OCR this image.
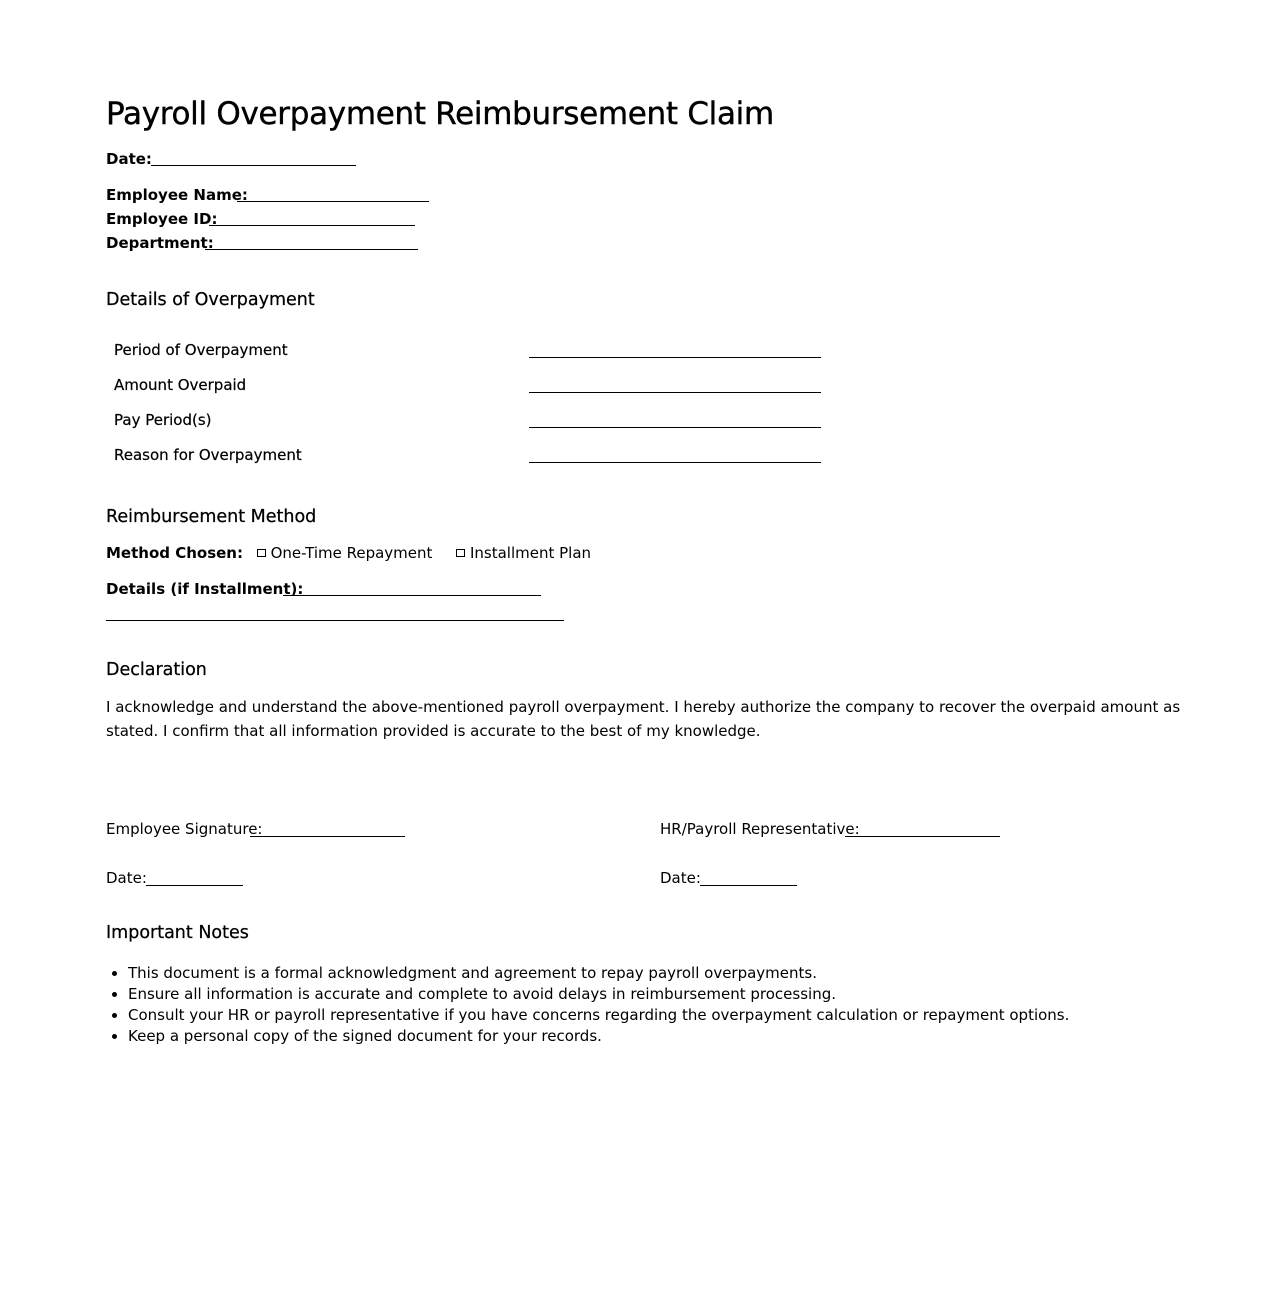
Payroll Overpayment Reimbursement Claim
Date:
Employee Name:
Employee ID:
Department:
Details of Overpayment
Period of Overpayment
Amount Overpaid
Pay Period(s)
Reason for Overpayment
Reimbursement Method
Method Chosen: One-Time Repayment	Installment Plan
Details (if Installment):
Declaration
I acknowledge and understand the above-mentioned payroll overpayment. I hereby authorize the company to recover the overpaid amount as stated. I confirm that all information provided is accurate to the best of my knowledge.
Employee Signature:	HR/Payroll Representative:
Date:	Date:
Important Notes
• This document is a formal acknowledgment and agreement to repay payroll overpayments.
• Ensure all information is accurate and complete to avoid delays in reimbursement processing.
• Consult your HR or payroll representative if you have concerns regarding the overpayment calculation or repayment options.
• Keep a personal copy of the signed document for your records.
